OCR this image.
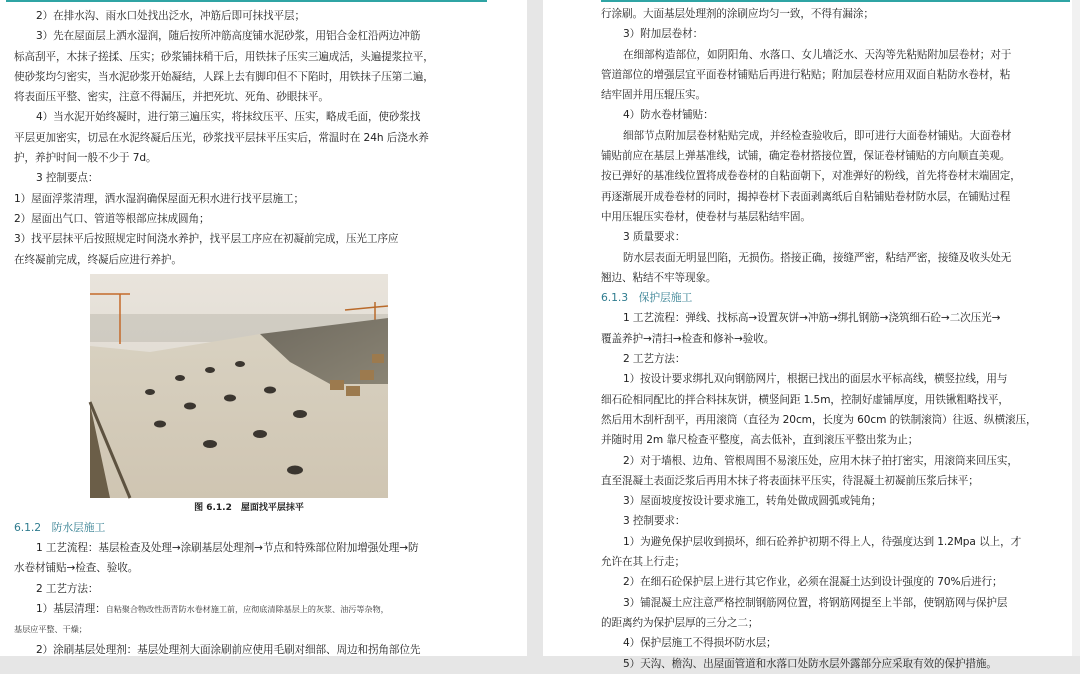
2）在排水沟、雨水口处找出泛水，冲筋后即可抹找平层；
3）先在屋面层上洒水湿润，随后按所冲筋高度铺水泥砂浆，用铝合金杠沿两边冲筋
标高刮平，木抹子搓揉、压实；砂浆铺抹稍干后，用铁抹子压实三遍成活，头遍提浆拉平，
使砂浆均匀密实，当水泥砂浆开始凝结，人踩上去有脚印但不下陷时，用铁抹子压第二遍，
将表面压平整、密实，注意不得漏压，并把死坑、死角、砂眼抹平。
4）当水泥开始终凝时，进行第三遍压实，将抹纹压平、压实，略成毛面，使砂浆找
平层更加密实，切忌在水泥终凝后压光，砂浆找平层抹平压实后，常温时在 24h 后浇水养
护，养护时间一般不少于 7d。
3 控制要点：
1）屋面浮浆清理，洒水湿润确保屋面无积水进行找平层施工；
2）屋面出气口、管道等根部应抹成圆角；
3）找平层抹平后按照规定时间浇水养护，找平层工序应在初凝前完成，压光工序应
在终凝前完成，终凝后应进行养护。
图 6.1.2　屋面找平层抹平
6.1.2　防水层施工
1 工艺流程：基层检查及处理→涂刷基层处理剂→节点和特殊部位附加增强处理→防
水卷材铺贴→检查、验收。
2 工艺方法：
1）基层清理：自粘聚合物改性沥青防水卷材施工前，应彻底清除基层上的灰浆、油污等杂物，
基层应平整、干燥；
2）涂刷基层处理剂：基层处理剂大面涂刷前应使用毛刷对细部、周边和拐角部位先
行涂刷。大面基层处理剂的涂刷应均匀一致，不得有漏涂；
3）附加层卷材：
在细部构造部位，如阴阳角、水落口、女儿墙泛水、天沟等先粘贴附加层卷材；对于
管道部位的增强层宜平面卷材铺贴后再进行粘贴；附加层卷材应用双面自粘防水卷材，粘
结牢固并用压辊压实。
4）防水卷材铺贴：
细部节点附加层卷材粘贴完成，并经检查验收后，即可进行大面卷材铺贴。大面卷材
铺贴前应在基层上弹基准线，试铺，确定卷材搭接位置，保证卷材铺贴的方向顺直美观。
按已弹好的基准线位置将成卷卷材的自粘面朝下，对准弹好的粉线，首先将卷材末端固定，
再逐渐展开成卷卷材的同时，揭掉卷材下表面剥离纸后自粘铺贴卷材防水层，在铺贴过程
中用压辊压实卷材，使卷材与基层粘结牢固。
3 质量要求：
防水层表面无明显凹陷，无损伤。搭接正确，接缝严密，粘结严密，接缝及收头处无
翘边、粘结不牢等现象。
6.1.3　保护层施工
1 工艺流程：弹线、找标高→设置灰饼→冲筋→绑扎钢筋→浇筑细石砼→二次压光→
覆盖养护→清扫→检查和修补→验收。
2 工艺方法：
1）按设计要求绑扎双向钢筋网片，根据已找出的面层水平标高线，横竖拉线，用与
细石砼相同配比的拌合料抹灰饼，横竖间距 1.5m，控制好虚铺厚度，用铁锹粗略找平，
然后用木刮杆刮平，再用滚筒（直径为 20cm，长度为 60cm 的铁制滚筒）往返、纵横滚压，
并随时用 2m 靠尺检查平整度，高去低补，直到滚压平整出浆为止；
2）对于墙根、边角、管根周围不易滚压处，应用木抹子拍打密实，用滚筒来回压实，
直至混凝土表面泛浆后再用木抹子将表面抹平压实，待混凝土初凝前压浆后抹平；
3）屋面坡度按设计要求施工，转角处做成圆弧或钝角；
3 控制要求：
1）为避免保护层收到损坏，细石砼养护初期不得上人，待强度达到 1.2Mpa 以上，才
允许在其上行走；
2）在细石砼保护层上进行其它作业，必须在混凝土达到设计强度的 70%后进行；
3）铺混凝土应注意严格控制钢筋网位置，将钢筋网提至上半部，使钢筋网与保护层
的距离约为保护层厚的三分之二；
4）保护层施工不得损坏防水层；
5）天沟、檐沟、出屋面管道和水落口处防水层外露部分应采取有效的保护措施。
